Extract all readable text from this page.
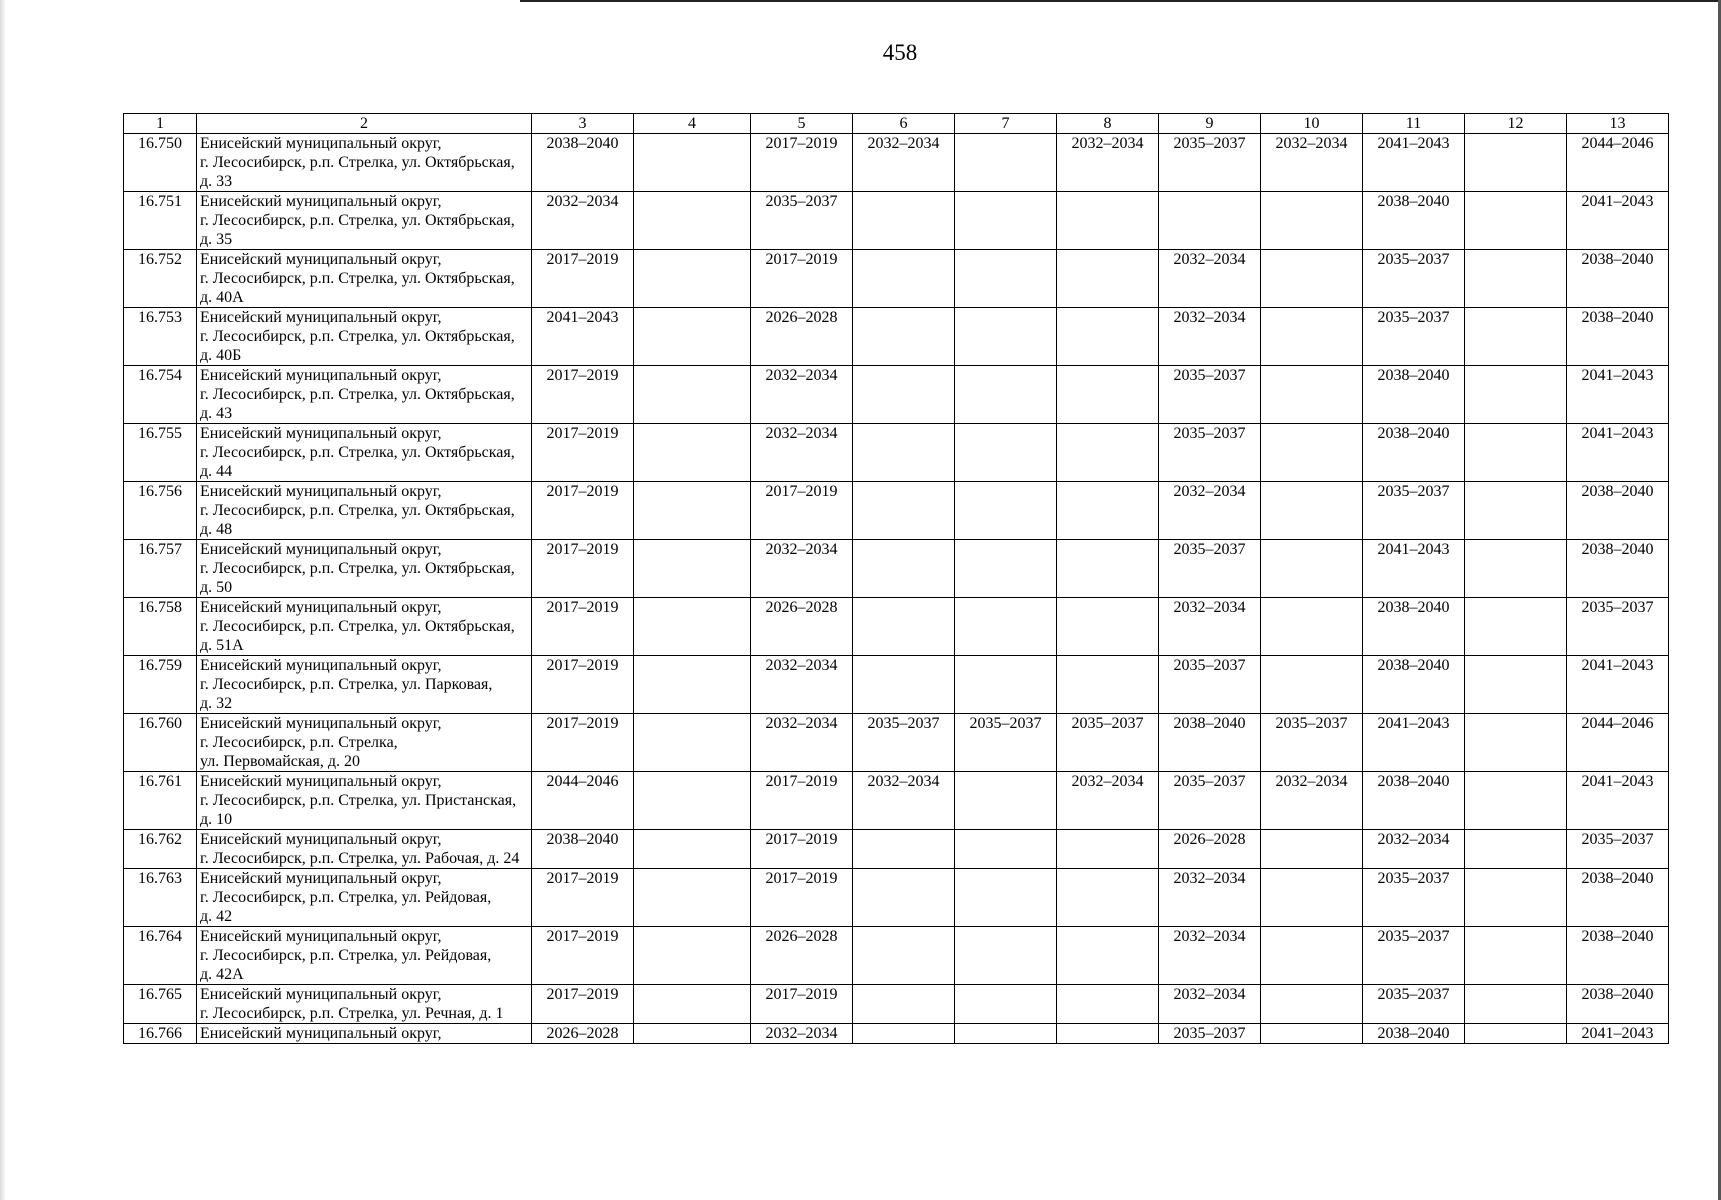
458
1	2	3	4	5	6	7	8	9	10	11	12	13
16.750	Енисейский муниципальный округ,
г. Лесосибирск, р.п. Стрелка, ул. Октябрьская,
д. 33	2038–2040		2017–2019	2032–2034		2032–2034	2035–2037	2032–2034	2041–2043		2044–2046
16.751	Енисейский муниципальный округ,
г. Лесосибирск, р.п. Стрелка, ул. Октябрьская,
д. 35	2032–2034		2035–2037						2038–2040		2041–2043
16.752	Енисейский муниципальный округ,
г. Лесосибирск, р.п. Стрелка, ул. Октябрьская,
д. 40А	2017–2019		2017–2019				2032–2034		2035–2037		2038–2040
16.753	Енисейский муниципальный округ,
г. Лесосибирск, р.п. Стрелка, ул. Октябрьская,
д. 40Б	2041–2043		2026–2028				2032–2034		2035–2037		2038–2040
16.754	Енисейский муниципальный округ,
г. Лесосибирск, р.п. Стрелка, ул. Октябрьская,
д. 43	2017–2019		2032–2034				2035–2037		2038–2040		2041–2043
16.755	Енисейский муниципальный округ,
г. Лесосибирск, р.п. Стрелка, ул. Октябрьская,
д. 44	2017–2019		2032–2034				2035–2037		2038–2040		2041–2043
16.756	Енисейский муниципальный округ,
г. Лесосибирск, р.п. Стрелка, ул. Октябрьская,
д. 48	2017–2019		2017–2019				2032–2034		2035–2037		2038–2040
16.757	Енисейский муниципальный округ,
г. Лесосибирск, р.п. Стрелка, ул. Октябрьская,
д. 50	2017–2019		2032–2034				2035–2037		2041–2043		2038–2040
16.758	Енисейский муниципальный округ,
г. Лесосибирск, р.п. Стрелка, ул. Октябрьская,
д. 51А	2017–2019		2026–2028				2032–2034		2038–2040		2035–2037
16.759	Енисейский муниципальный округ,
г. Лесосибирск, р.п. Стрелка, ул. Парковая,
д. 32	2017–2019		2032–2034				2035–2037		2038–2040		2041–2043
16.760	Енисейский муниципальный округ,
г. Лесосибирск, р.п. Стрелка,
ул. Первомайская, д. 20	2017–2019		2032–2034	2035–2037	2035–2037	2035–2037	2038–2040	2035–2037	2041–2043		2044–2046
16.761	Енисейский муниципальный округ,
г. Лесосибирск, р.п. Стрелка, ул. Пристанская,
д. 10	2044–2046		2017–2019	2032–2034		2032–2034	2035–2037	2032–2034	2038–2040		2041–2043
16.762	Енисейский муниципальный округ,
г. Лесосибирск, р.п. Стрелка, ул. Рабочая, д. 24	2038–2040		2017–2019				2026–2028		2032–2034		2035–2037
16.763	Енисейский муниципальный округ,
г. Лесосибирск, р.п. Стрелка, ул. Рейдовая,
д. 42	2017–2019		2017–2019				2032–2034		2035–2037		2038–2040
16.764	Енисейский муниципальный округ,
г. Лесосибирск, р.п. Стрелка, ул. Рейдовая,
д. 42А	2017–2019		2026–2028				2032–2034		2035–2037		2038–2040
16.765	Енисейский муниципальный округ,
г. Лесосибирск, р.п. Стрелка, ул. Речная, д. 1	2017–2019		2017–2019				2032–2034		2035–2037		2038–2040
16.766	Енисейский муниципальный округ,	2026–2028		2032–2034				2035–2037		2038–2040		2041–2043
